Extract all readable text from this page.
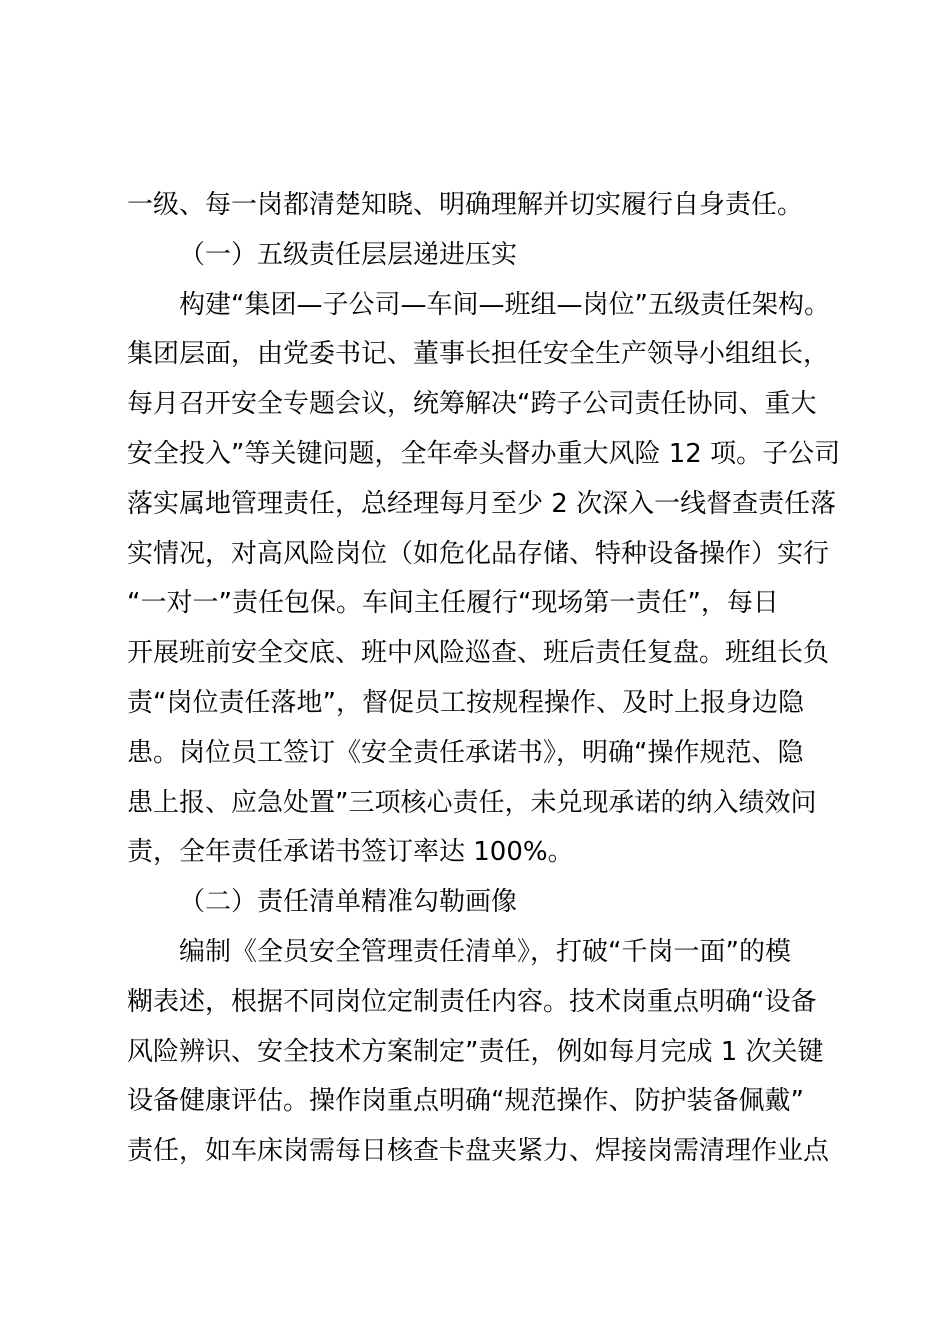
一级、每一岗都清楚知晓、明确理解并切实履行自身责任。
（一）五级责任层层递进压实
构建“集团—子公司—车间—班组—岗位”五级责任架构。
集团层面，由党委书记、董事长担任安全生产领导小组组长，
每月召开安全专题会议，统筹解决“跨子公司责任协同、重大
安全投入”等关键问题，全年牵头督办重大风险 12 项。子公司
落实属地管理责任，总经理每月至少 2 次深入一线督查责任落
实情况，对高风险岗位（如危化品存储、特种设备操作）实行
“一对一”责任包保。车间主任履行“现场第一责任”，每日
开展班前安全交底、班中风险巡查、班后责任复盘。班组长负
责“岗位责任落地”，督促员工按规程操作、及时上报身边隐
患。岗位员工签订《安全责任承诺书》，明确“操作规范、隐
患上报、应急处置”三项核心责任，未兑现承诺的纳入绩效问
责，全年责任承诺书签订率达 100%。
（二）责任清单精准勾勒画像
编制《全员安全管理责任清单》，打破“千岗一面”的模
糊表述，根据不同岗位定制责任内容。技术岗重点明确“设备
风险辨识、安全技术方案制定”责任，例如每月完成 1 次关键
设备健康评估。操作岗重点明确“规范操作、防护装备佩戴”
责任，如车床岗需每日核查卡盘夹紧力、焊接岗需清理作业点
